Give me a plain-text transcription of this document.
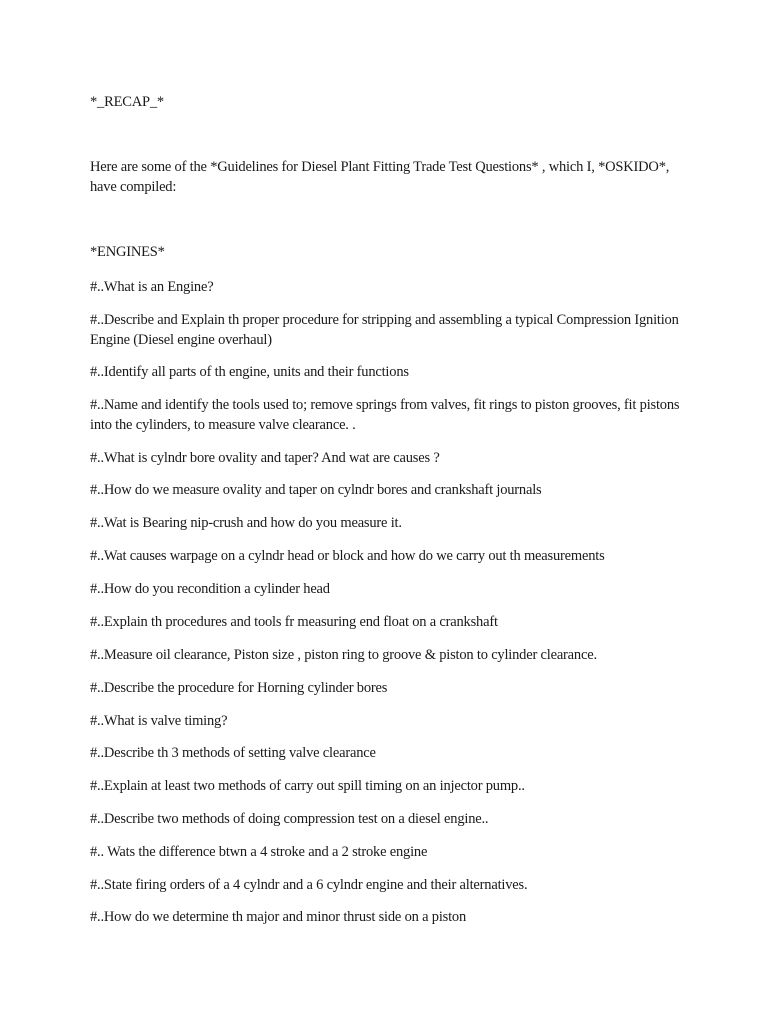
*_RECAP_*
Here are some of the *Guidelines for Diesel Plant Fitting Trade Test Questions* , which I, *OSKIDO*, have compiled:
*ENGINES*
#..What is an Engine?
#..Describe and Explain th proper procedure for stripping and assembling a typical Compression Ignition Engine (Diesel engine overhaul)
#..Identify all parts of th engine, units and their functions
#..Name and identify the tools used to; remove springs from valves, fit rings to piston grooves, fit pistons into the cylinders, to measure valve clearance. .
#..What is cylndr bore ovality and taper? And wat are causes ?
#..How do we measure ovality and taper on cylndr bores and crankshaft journals
#..Wat is Bearing nip-crush and how do you measure it.
#..Wat causes warpage on a cylndr head or block and how do we carry out th measurements
#..How do you recondition a cylinder head
#..Explain th procedures and tools fr measuring end float on a crankshaft
#..Measure oil clearance, Piston size , piston ring to groove & piston to cylinder clearance.
#..Describe the procedure for Horning cylinder bores
#..What is valve timing?
#..Describe th 3 methods of setting valve clearance
#..Explain at least two methods of carry out spill timing on an injector pump..
#..Describe two methods of doing compression test on a diesel engine..
#.. Wats the difference btwn a 4 stroke and a 2 stroke engine
#..State firing orders of a 4 cylndr and a 6 cylndr engine and their alternatives.
#..How do we determine th major and minor thrust side on a piston
